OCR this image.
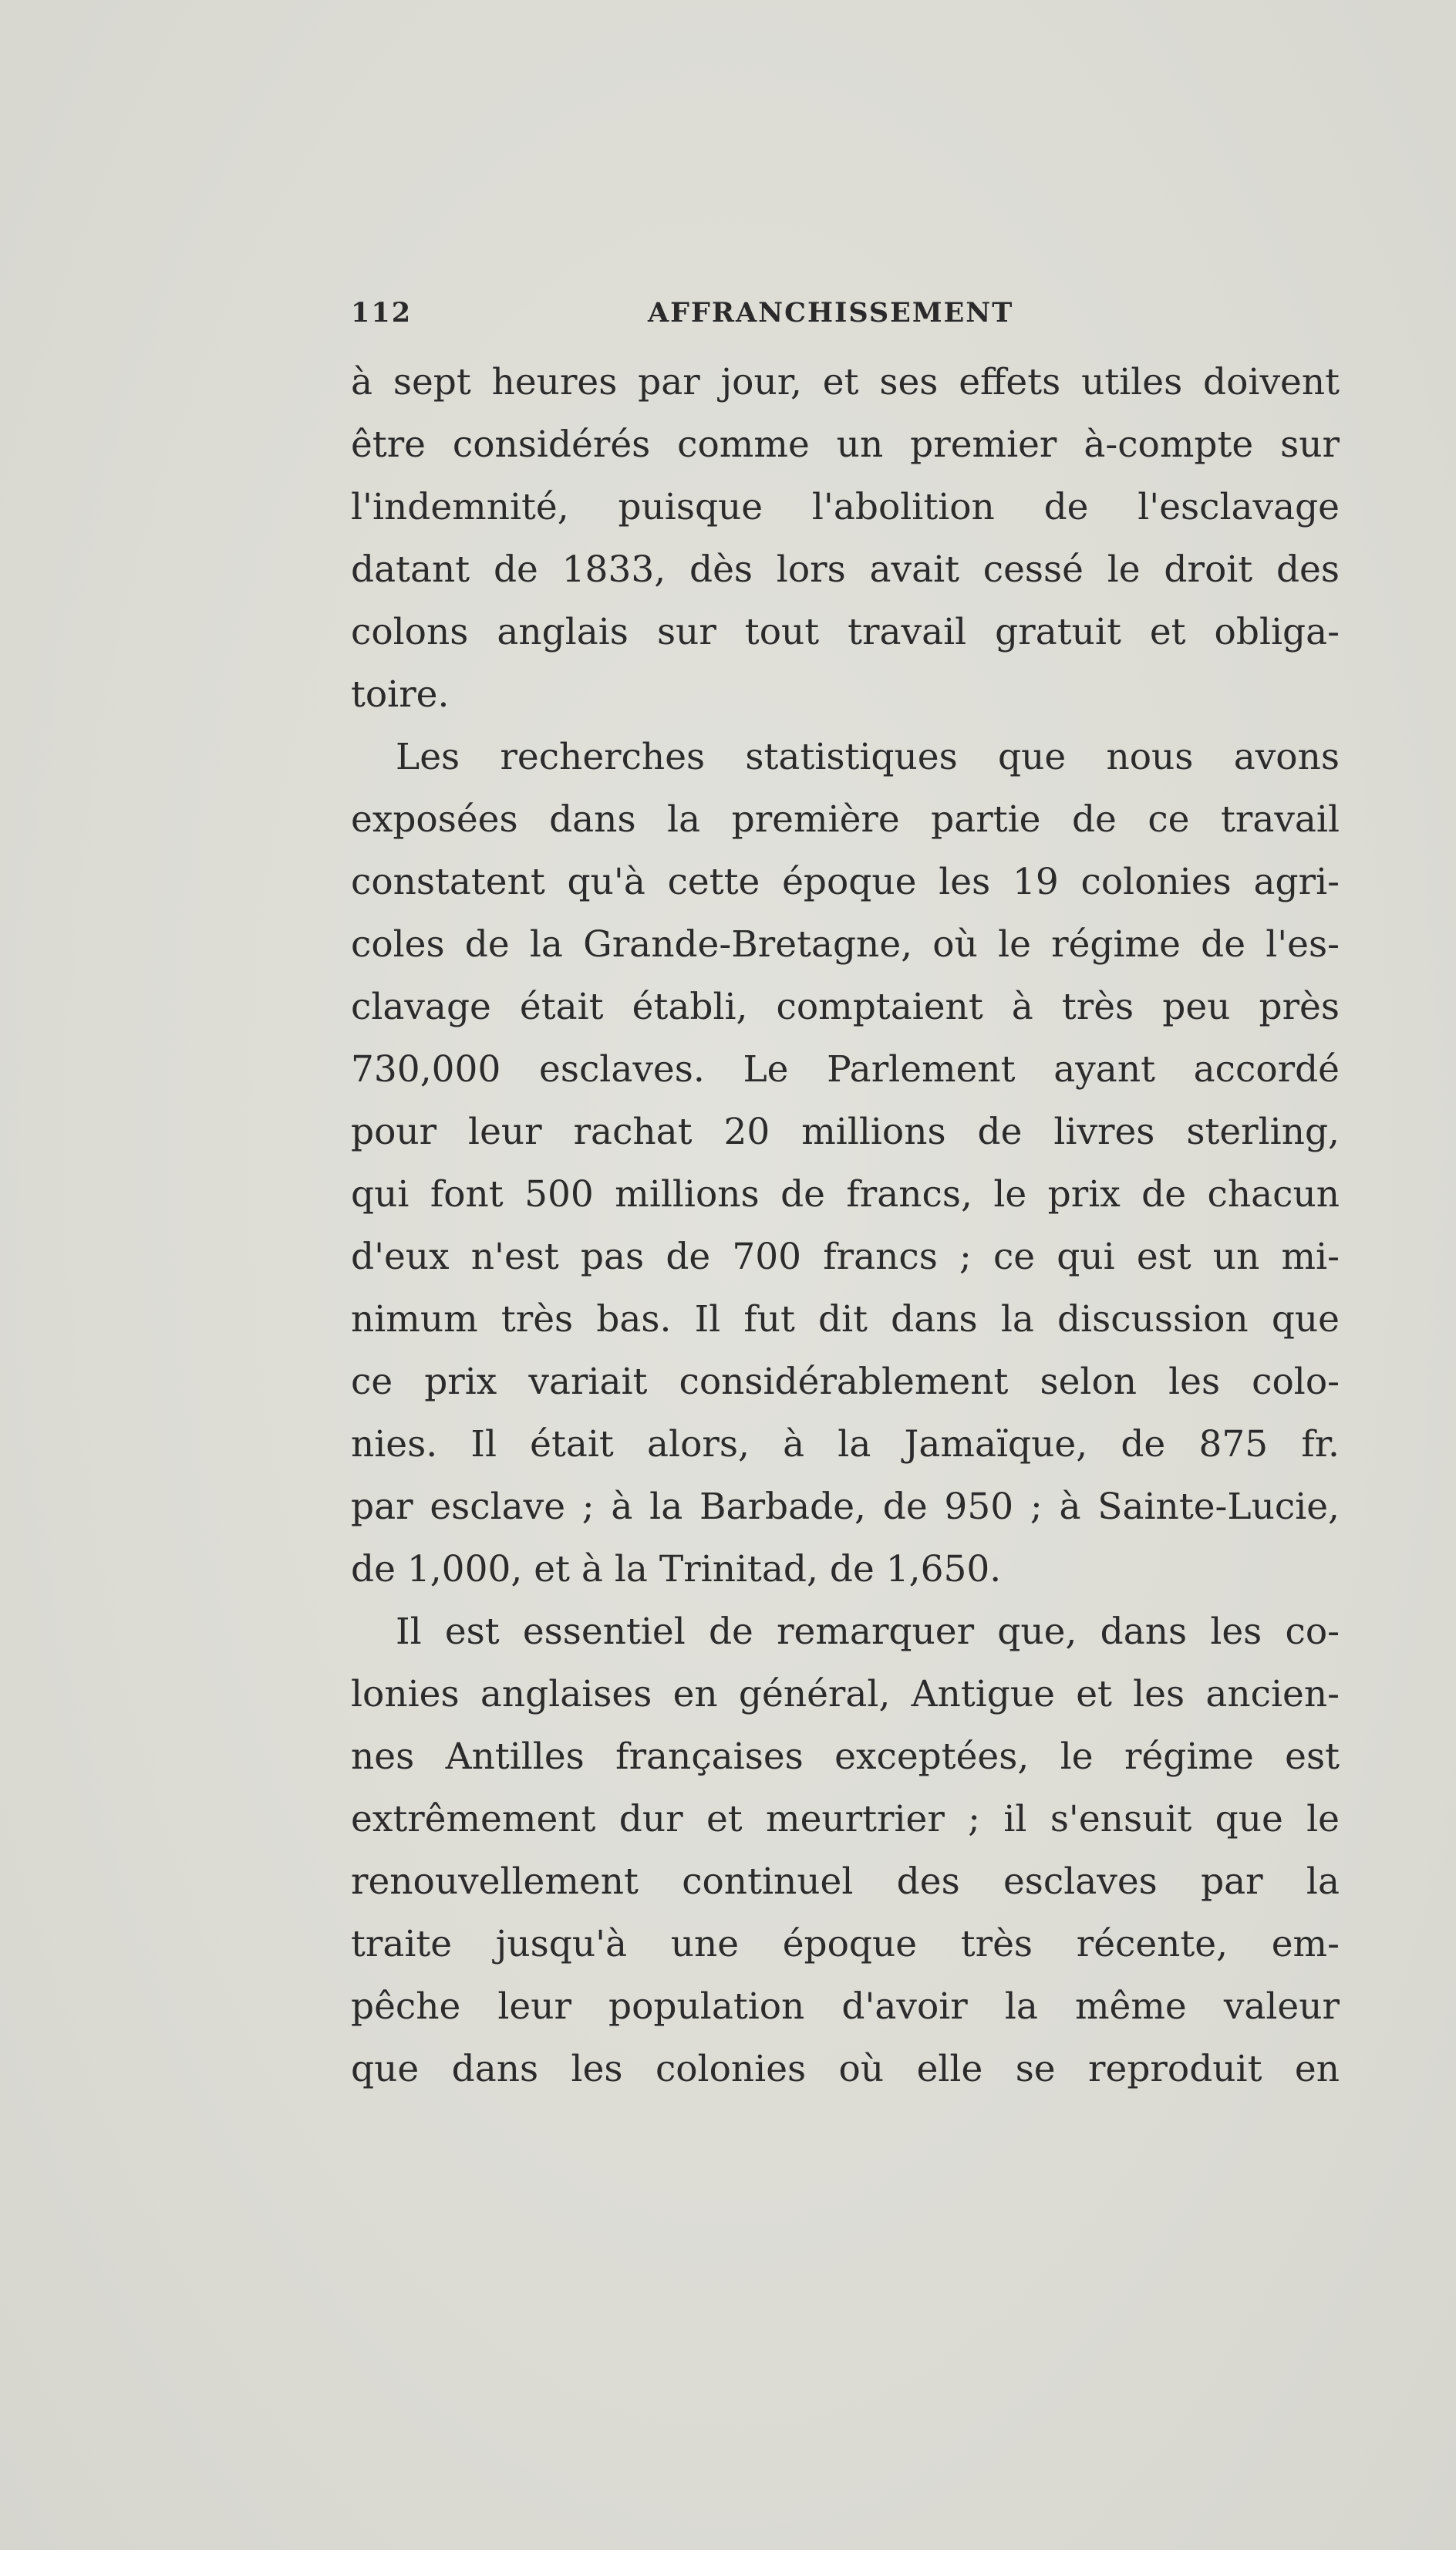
112	AFFRANCHISSEMENT
à sept heures par jour, et ses effets utiles doivent
être considérés comme un premier à-compte sur
l'indemnité, puisque l'abolition de l'esclavage
datant de 1833, dès lors avait cessé le droit des
colons anglais sur tout travail gratuit et obliga-
toire.
Les recherches statistiques que nous avons
exposées dans la première partie de ce travail
constatent qu'à cette époque les 19 colonies agri-
coles de la Grande-Bretagne, où le régime de l'es-
clavage était établi, comptaient à très peu près
730,000 esclaves. Le Parlement ayant accordé
pour leur rachat 20 millions de livres sterling,
qui font 500 millions de francs, le prix de chacun
d'eux n'est pas de 700 francs ; ce qui est un mi-
nimum très bas. Il fut dit dans la discussion que
ce prix variait considérablement selon les colo-
nies. Il était alors, à la Jamaïque, de 875 fr.
par esclave ; à la Barbade, de 950 ; à Sainte-Lucie,
de 1,000, et à la Trinitad, de 1,650.
Il est essentiel de remarquer que, dans les co-
lonies anglaises en général, Antigue et les ancien-
nes Antilles françaises exceptées, le régime est
extrêmement dur et meurtrier ; il s'ensuit que le
renouvellement continuel des esclaves par la
traite jusqu'à une époque très récente, em-
pêche leur population d'avoir la même valeur
que dans les colonies où elle se reproduit en
